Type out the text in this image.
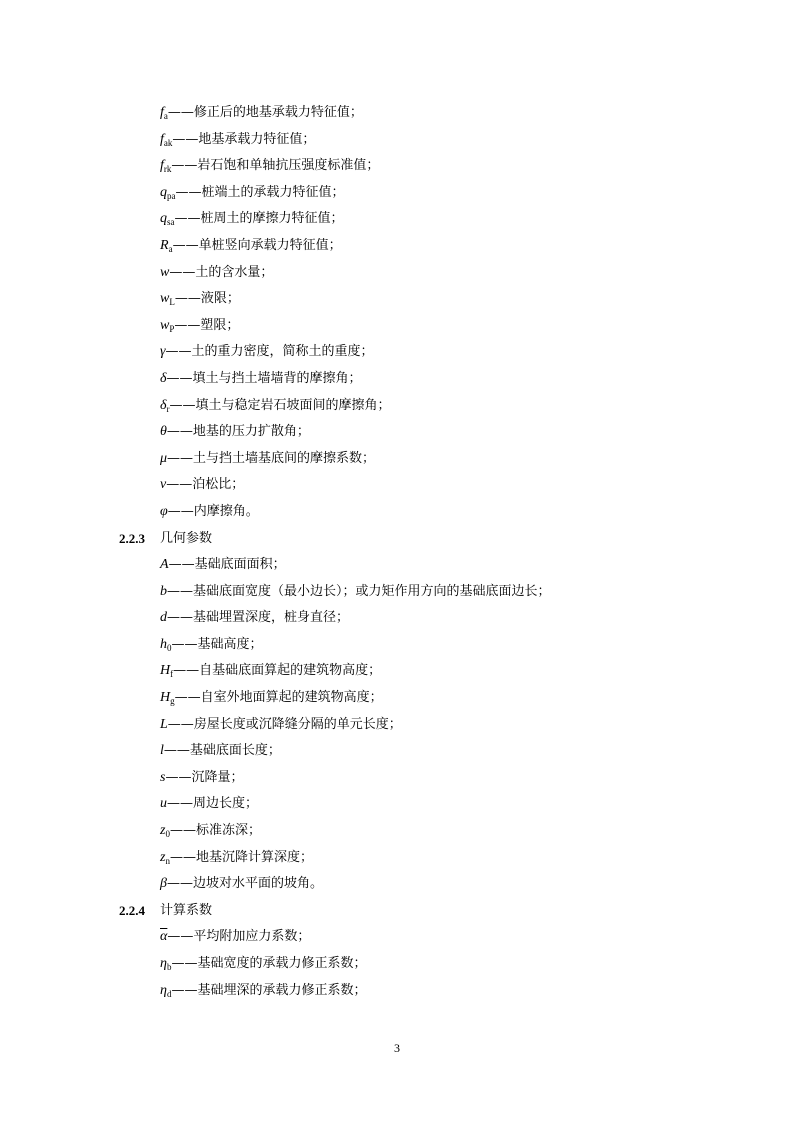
$f_a——$修正后的地基承载力特征值；
$f_{ak}——$地基承载力特征值；
$f_{rk}——$岩石饱和单轴抗压强度标准值；
$q_{pa}——$桩端土的承载力特征值；
$q_{sa}——$桩周土的摩擦力特征值；
$R_a——$单桩竖向承载力特征值；
w——土的含水量；
$w_L——$液限；
$w_P——$塑限；
γ——土的重力密度，简称土的重度；
δ——填土与挡土墙墙背的摩擦角；
$\delta_r——$填土与稳定岩石坡面间的摩擦角；
θ——地基的压力扩散角；
μ——土与挡土墙基底间的摩擦系数；
ν——泊松比；
φ——内摩擦角。
2.2.3 几何参数
A——基础底面面积；
b——基础底面宽度（最小边长）；或力矩作用方向的基础底面边长；
d——基础埋置深度，桩身直径；
$h_0——$基础高度；
$H_f——$自基础底面算起的建筑物高度；
$H_g——$自室外地面算起的建筑物高度；
L——房屋长度或沉降缝分隔的单元长度；
l——基础底面长度；
s——沉降量；
u——周边长度；
$z_0——$标准冻深；
$z_n——$地基沉降计算深度；
β——边坡对水平面的坡角。
2.2.4 计算系数
$\overline{\alpha}——$平均附加应力系数；
$\eta_b——$基础宽度的承载力修正系数；
$\eta_d——$基础埋深的承载力修正系数；
3
